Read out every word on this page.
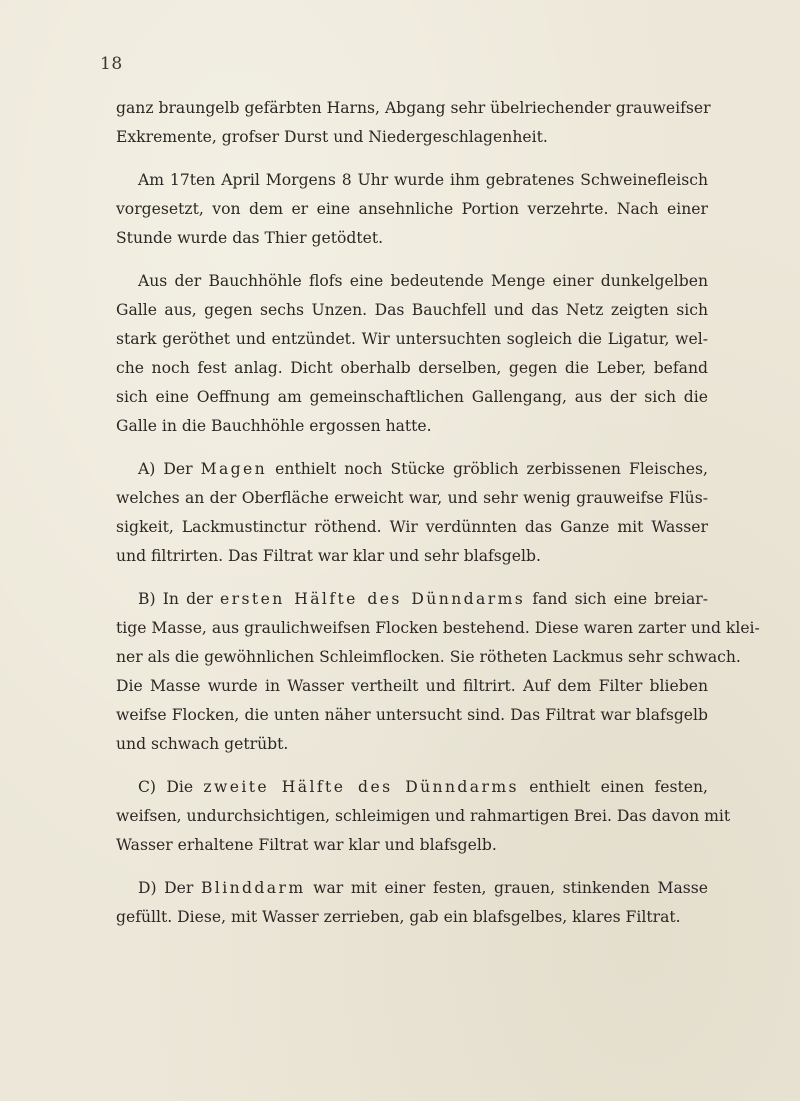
18
ganz braungelb gefärbten Harns, Abgang sehr übelriechender grauweifser
Exkremente, grofser Durst und Niedergeschlagenheit.
Am 17ten April Morgens 8 Uhr wurde ihm gebratenes Schweinefleisch
vorgesetzt, von dem er eine ansehnliche Portion verzehrte. Nach einer
Stunde wurde das Thier getödtet.
Aus der Bauchhöhle flofs eine bedeutende Menge einer dunkelgelben
Galle aus, gegen sechs Unzen. Das Bauchfell und das Netz zeigten sich
stark geröthet und entzündet. Wir untersuchten sogleich die Ligatur, wel-
che noch fest anlag. Dicht oberhalb derselben, gegen die Leber, befand
sich eine Oeffnung am gemeinschaftlichen Gallengang, aus der sich die
Galle in die Bauchhöhle ergossen hatte.
A) Der Magen enthielt noch Stücke gröblich zerbissenen Fleisches,
welches an der Oberfläche erweicht war, und sehr wenig grauweifse Flüs-
sigkeit, Lackmustinctur röthend. Wir verdünnten das Ganze mit Wasser
und filtrirten. Das Filtrat war klar und sehr blafsgelb.
B) In der ersten Hälfte des Dünndarms fand sich eine breiar-
tige Masse, aus graulichweifsen Flocken bestehend. Diese waren zarter und klei-
ner als die gewöhnlichen Schleimflocken. Sie rötheten Lackmus sehr schwach.
Die Masse wurde in Wasser vertheilt und filtrirt. Auf dem Filter blieben
weifse Flocken, die unten näher untersucht sind. Das Filtrat war blafsgelb
und schwach getrübt.
C) Die zweite Hälfte des Dünndarms enthielt einen festen,
weifsen, undurchsichtigen, schleimigen und rahmartigen Brei. Das davon mit
Wasser erhaltene Filtrat war klar und blafsgelb.
D) Der Blinddarm war mit einer festen, grauen, stinkenden Masse
gefüllt. Diese, mit Wasser zerrieben, gab ein blafsgelbes, klares Filtrat.
